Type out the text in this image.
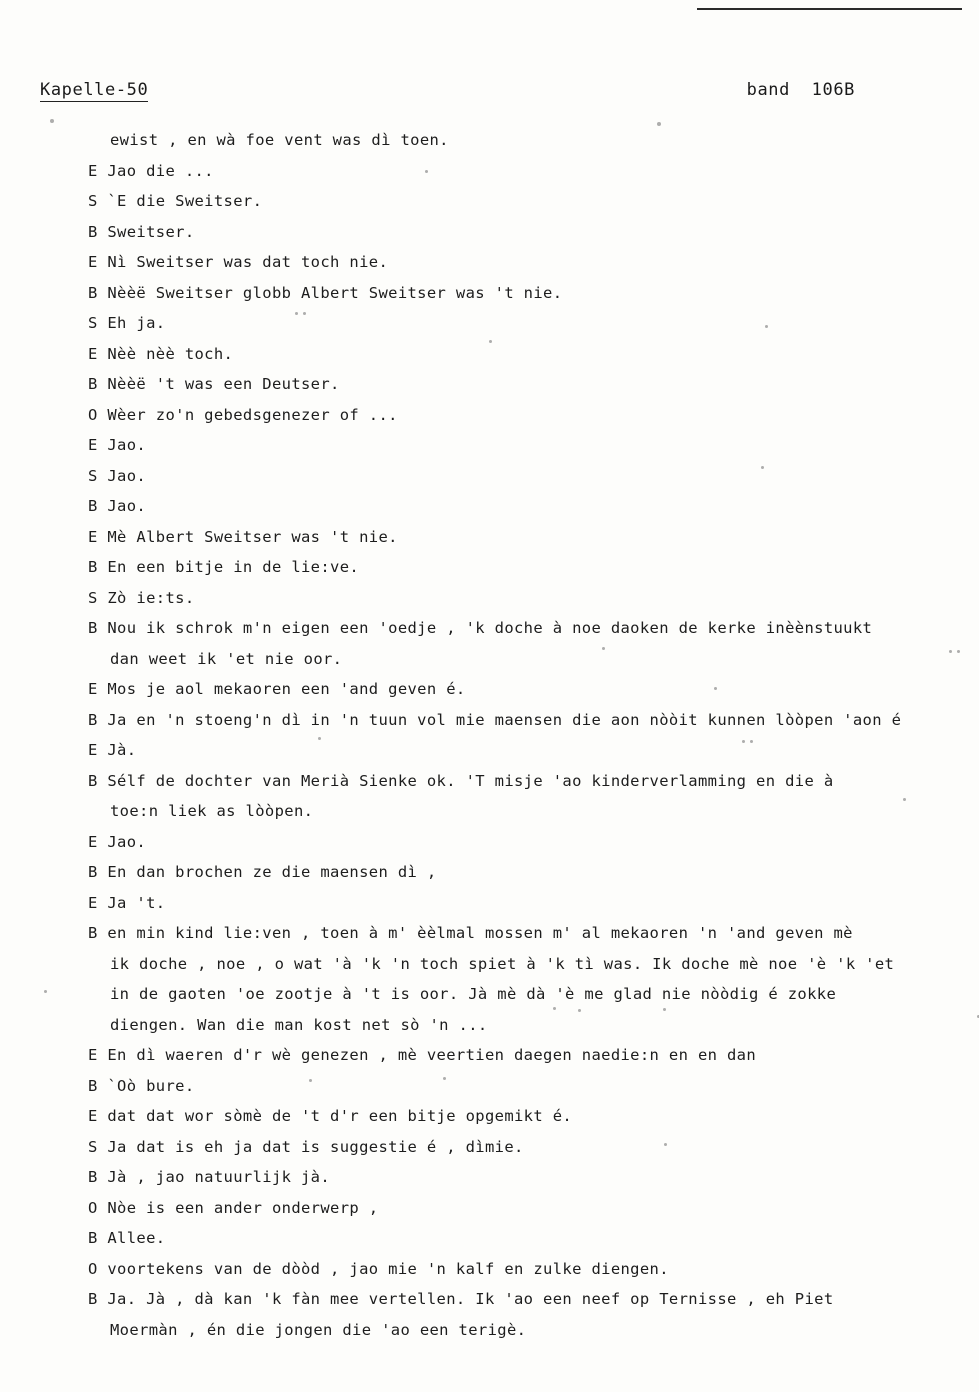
Kapelle-50	band  106B
ewist , en wà foe vent was dì toen.
E Jao die ...
S `E die Sweitser.
B Sweitser.
E Nì Sweitser was dat toch nie.
B Nèèë Sweitser globb Albert Sweitser was 't nie.
S Eh ja.
E Nèè nèè toch.
B Nèèë 't was een Deutser.
O Wèer zo'n gebedsgenezer of ...
E Jao.
S Jao.
B Jao.
E Mè Albert Sweitser was 't nie.
B En een bitje in de lie:ve.
S Zò ie:ts.
B Nou ik schrok m'n eigen een 'oedje , 'k doche à noe daoken de kerke inèènstuukt
dan weet ik 'et nie oor.
E Mos je aol mekaoren een 'and geven é.
B Ja en 'n stoeng'n dì in 'n tuun vol mie maensen die aon nòòit kunnen lòòpen 'aon é
E Jà.
B Sélf de dochter van Merià Sienke ok. 'T misje 'ao kinderverlamming en die à
toe:n liek as lòòpen.
E Jao.
B En dan brochen ze die maensen dì ,
E Ja 't.
B en min kind lie:ven , toen à m' èèlmal mossen m' al mekaoren 'n 'and geven mè
ik doche , noe , o wat 'à 'k 'n toch spiet à 'k tì was. Ik doche mè noe 'è 'k 'et
in de gaoten 'oe zootje à 't is oor. Jà mè dà 'è me glad nie nòòdig é zokke
diengen. Wan die man kost net sò 'n ...
E En dì waeren d'r wè genezen , mè veertien daegen naedie:n en en dan
B `Oò bure.
E dat dat wor sòmè de 't d'r een bitje opgemikt é.
S Ja dat is eh ja dat is suggestie é , dìmie.
B Jà , jao natuurlijk jà.
O Nòe is een ander onderwerp ,
B Allee.
O voortekens van de dòòd , jao mie 'n kalf en zulke diengen.
B Ja. Jà , dà kan 'k fàn mee vertellen. Ik 'ao een neef op Ternisse , eh Piet
Moermàn , én die jongen die 'ao een terigè.
